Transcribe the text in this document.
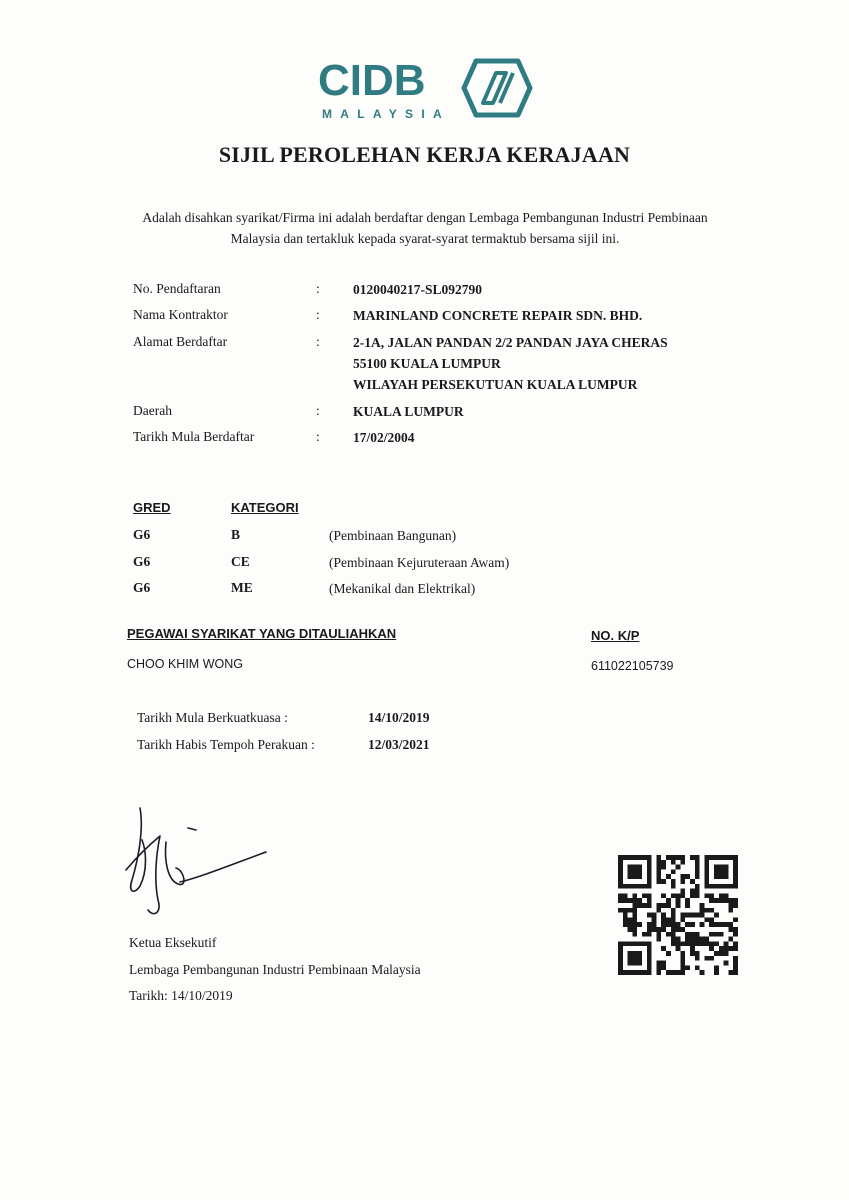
CIDB
MALAYSIA
SIJIL PEROLEHAN KERJA KERAJAAN
Adalah disahkan syarikat/Firma ini adalah berdaftar dengan Lembaga Pembangunan Industri Pembinaan
Malaysia dan tertakluk kepada syarat-syarat termaktub bersama sijil ini.
No. Pendaftaran	: 0120040217-SL092790
Nama Kontraktor	: MARINLAND CONCRETE REPAIR SDN. BHD.
Alamat Berdaftar	: 2-1A, JALAN PANDAN 2/2 PANDAN JAYA CHERAS
55100 KUALA LUMPUR
WILAYAH PERSEKUTUAN KUALA LUMPUR
Daerah	: KUALA LUMPUR
Tarikh Mula Berdaftar	: 17/02/2004
GRED	KATEGORI
G6	B	(Pembinaan Bangunan)
G6	CE	(Pembinaan Kejuruteraan Awam)
G6	ME	(Mekanikal dan Elektrikal)
PEGAWAI SYARIKAT YANG DITAULIAHKAN	NO. K/P
CHOO KHIM WONG	611022105739
Tarikh Mula Berkuatkuasa :	14/10/2019
Tarikh Habis Tempoh Perakuan :	12/03/2021
Ketua Eksekutif
Lembaga Pembangunan Industri Pembinaan Malaysia
Tarikh: 14/10/2019
